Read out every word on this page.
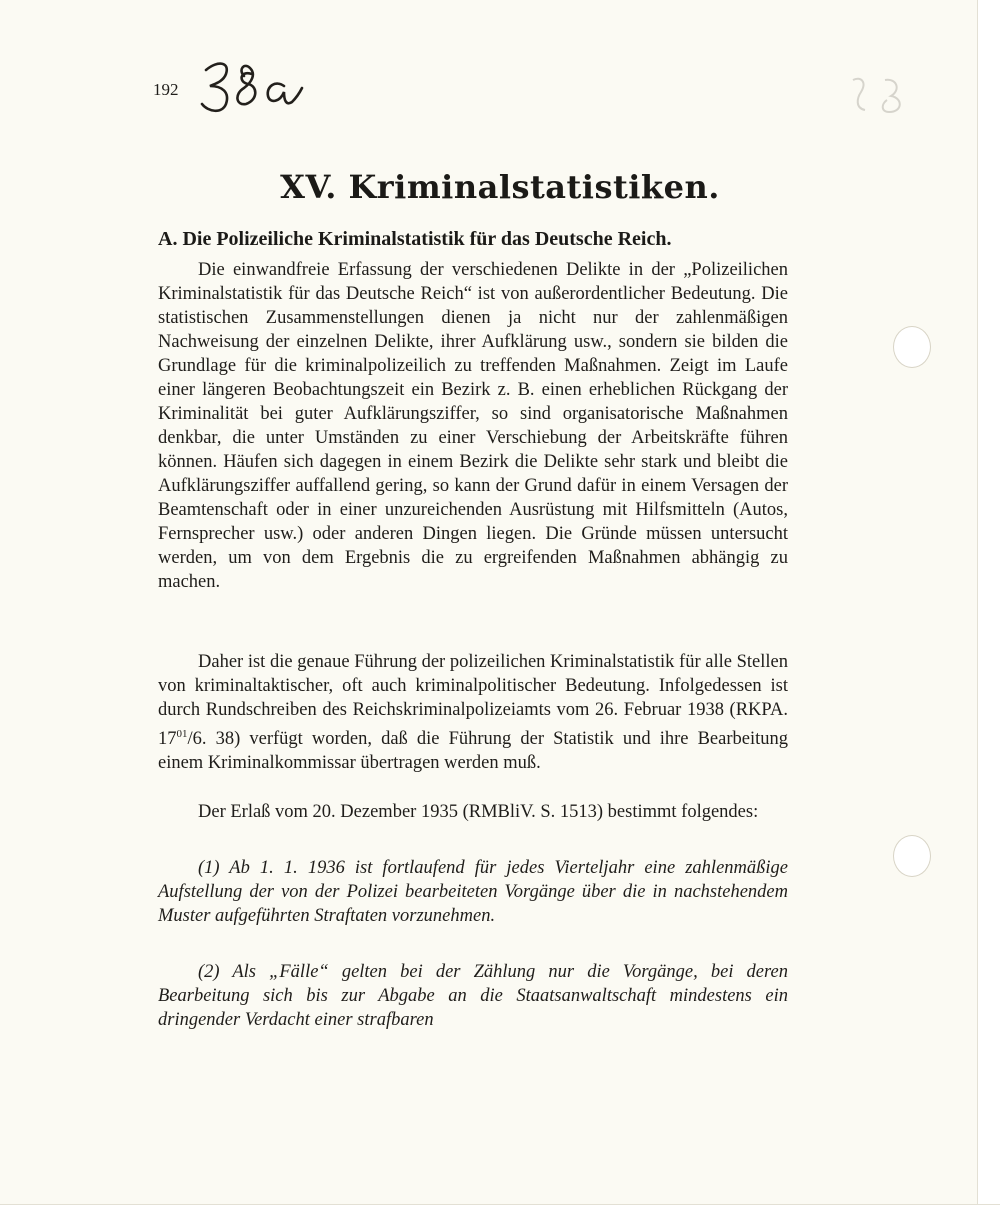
192
XV. Kriminalstatistiken.
A. Die Polizeiliche Kriminalstatistik für das Deutsche Reich.

Die einwandfreie Erfassung der verschiedenen Delikte in der „Polizeilichen Kriminalstatistik für das Deutsche Reich“ ist von außerordentlicher Bedeutung. Die statistischen Zusammenstellungen dienen ja nicht nur der zahlenmäßigen Nachweisung der einzelnen Delikte, ihrer Aufklärung usw., sondern sie bilden die Grundlage für die kriminalpolizeilich zu treffenden Maßnahmen. Zeigt im Laufe einer längeren Beobachtungszeit ein Bezirk z. B. einen erheblichen Rückgang der Kriminalität bei guter Aufklärungsziffer, so sind organisatorische Maßnahmen denkbar, die unter Umständen zu einer Verschiebung der Arbeitskräfte führen können. Häufen sich dagegen in einem Bezirk die Delikte sehr stark und bleibt die Aufklärungsziffer auffallend gering, so kann der Grund dafür in einem Versagen der Beamtenschaft oder in einer unzureichenden Ausrüstung mit Hilfsmitteln (Autos, Fernsprecher usw.) oder anderen Dingen liegen. Die Gründe müssen untersucht werden, um von dem Ergebnis die zu ergreifenden Maßnahmen abhängig zu machen.

Daher ist die genaue Führung der polizeilichen Kriminalstatistik für alle Stellen von kriminaltaktischer, oft auch kriminalpolitischer Bedeutung. Infolgedessen ist durch Rundschreiben des Reichskriminalpolizeiamts vom 26. Februar 1938 (RKPA. $17^{01}/6$. 38) verfügt worden, daß die Führung der Statistik und ihre Bearbeitung einem Kriminalkommissar übertragen werden muß.

Der Erlaß vom 20. Dezember 1935 (RMBliV. S. 1513) bestimmt folgendes:

(1) Ab 1. 1. 1936 ist fortlaufend für jedes Vierteljahr eine zahlenmäßige Aufstellung der von der Polizei bearbeiteten Vorgänge über die in nachstehendem Muster aufgeführten Straftaten vorzunehmen.

(2) Als „Fälle“ gelten bei der Zählung nur die Vorgänge, bei deren Bearbeitung sich bis zur Abgabe an die Staatsanwaltschaft mindestens ein dringender Verdacht einer strafbaren
